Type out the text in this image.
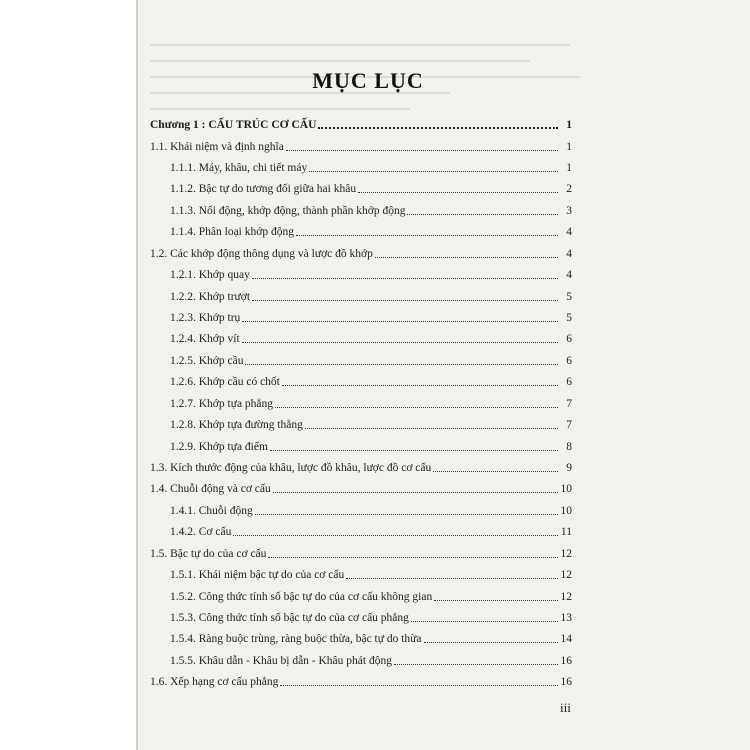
MỤC LỤC
Chương 1 : CẤU TRÚC CƠ CẤU	1
1.1. Khái niệm và định nghĩa	1
1.1.1. Máy, khâu, chi tiết máy	1
1.1.2. Bậc tự do tương đối giữa hai khâu	2
1.1.3. Nối động, khớp động, thành phần khớp động	3
1.1.4. Phân loại khớp động	4
1.2. Các khớp động thông dụng và lược đồ khớp	4
1.2.1. Khớp quay	4
1.2.2. Khớp trượt	5
1.2.3. Khớp trụ	5
1.2.4. Khớp vít	6
1.2.5. Khớp cầu	6
1.2.6. Khớp cầu có chốt	6
1.2.7. Khớp tựa phẳng	7
1.2.8. Khớp tựa đường thẳng	7
1.2.9. Khớp tựa điểm	8
1.3. Kích thước động của khâu, lược đồ khâu, lược đồ cơ cấu	9
1.4. Chuỗi động và cơ cấu	10
1.4.1. Chuỗi động	10
1.4.2. Cơ cấu	11
1.5. Bậc tự do của cơ cấu	12
1.5.1. Khái niệm bậc tự do của cơ cấu	12
1.5.2. Công thức tính số bậc tự do của cơ cấu không gian	12
1.5.3. Công thức tính số bậc tự do của cơ cấu phẳng	13
1.5.4. Ràng buộc trùng, ràng buộc thừa, bậc tự do thừa	14
1.5.5. Khâu dẫn - Khâu bị dẫn - Khâu phát động	16
1.6. Xếp hạng cơ cấu phẳng	16
iii
